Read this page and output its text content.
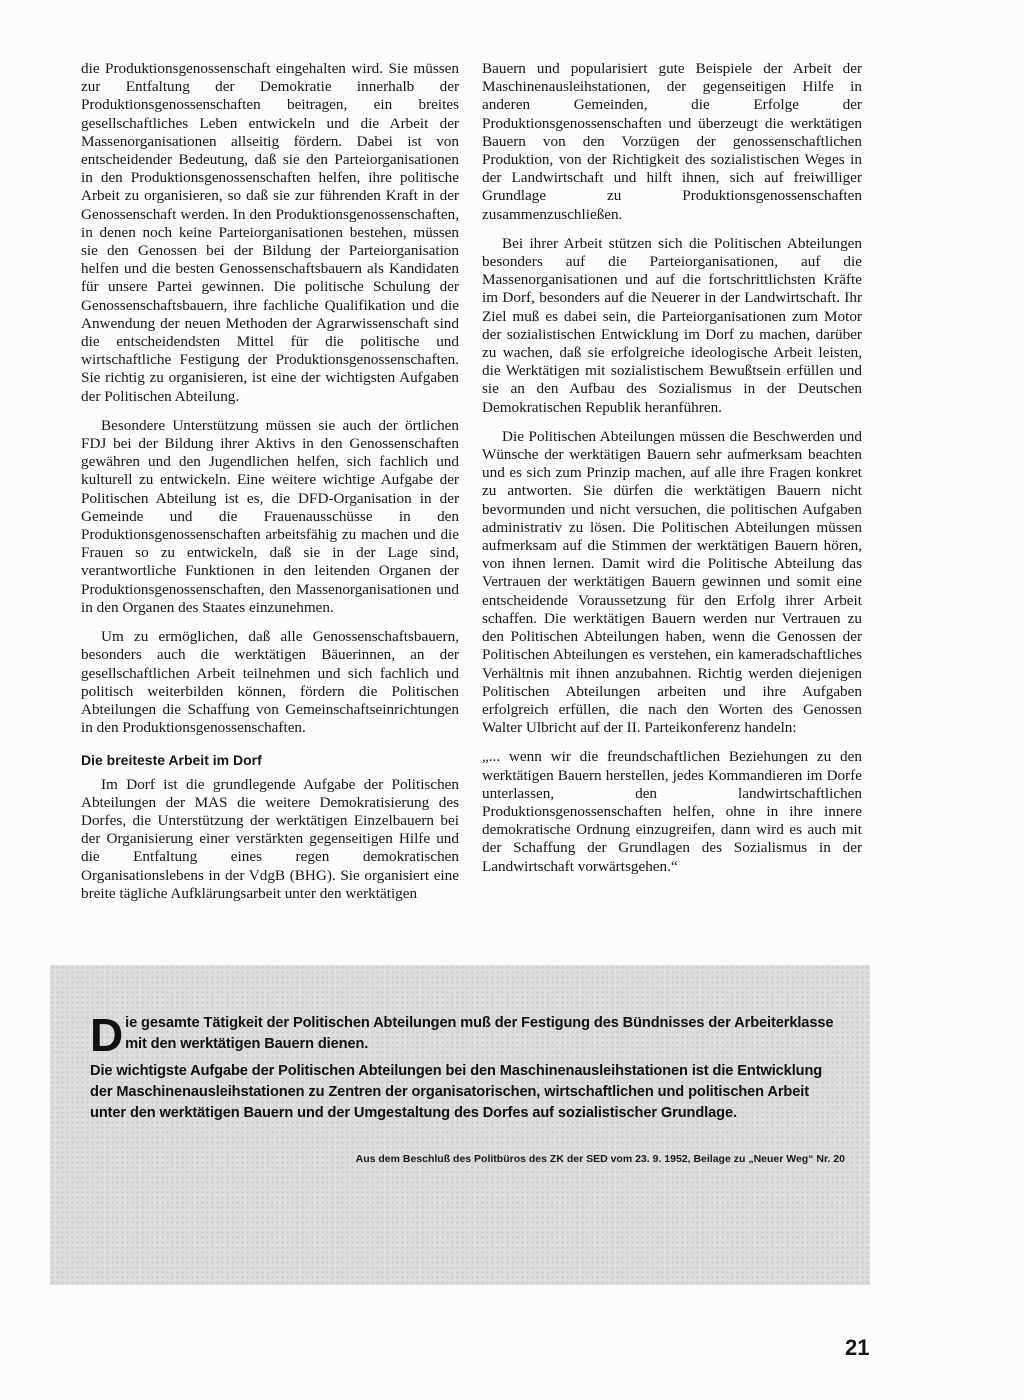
die Produktionsgenossenschaft eingehalten wird. Sie müssen zur Entfaltung der Demokratie innerhalb der Produktionsgenossenschaften beitragen, ein breites gesellschaftliches Leben entwickeln und die Arbeit der Massenorganisationen allseitig fördern. Dabei ist von entscheidender Bedeutung, daß sie den Parteiorganisationen in den Produktionsgenossenschaften helfen, ihre politische Arbeit zu organisieren, so daß sie zur führenden Kraft in der Genossenschaft werden. In den Produktionsgenossenschaften, in denen noch keine Parteiorganisationen bestehen, müssen sie den Genossen bei der Bildung der Parteiorganisation helfen und die besten Genossenschaftsbauern als Kandidaten für unsere Partei gewinnen. Die politische Schulung der Genossenschaftsbauern, ihre fachliche Qualifikation und die Anwendung der neuen Methoden der Agrarwissenschaft sind die entscheidendsten Mittel für die politische und wirtschaftliche Festigung der Produktionsgenossenschaften. Sie richtig zu organisieren, ist eine der wichtigsten Aufgaben der Politischen Abteilung.

Besondere Unterstützung müssen sie auch der örtlichen FDJ bei der Bildung ihrer Aktivs in den Genossenschaften gewähren und den Jugendlichen helfen, sich fachlich und kulturell zu entwickeln. Eine weitere wichtige Aufgabe der Politischen Abteilung ist es, die DFD-Organisation in der Gemeinde und die Frauenausschüsse in den Produktionsgenossenschaften arbeitsfähig zu machen und die Frauen so zu entwickeln, daß sie in der Lage sind, verantwortliche Funktionen in den leitenden Organen der Produktionsgenossenschaften, den Massenorganisationen und in den Organen des Staates einzunehmen.

Um zu ermöglichen, daß alle Genossenschaftsbauern, besonders auch die werktätigen Bäuerinnen, an der gesellschaftlichen Arbeit teilnehmen und sich fachlich und politisch weiterbilden können, fördern die Politischen Abteilungen die Schaffung von Gemeinschaftseinrichtungen in den Produktionsgenossenschaften.

Die breiteste Arbeit im Dorf

Im Dorf ist die grundlegende Aufgabe der Politischen Abteilungen der MAS die weitere Demokratisierung des Dorfes, die Unterstützung der werktätigen Einzelbauern bei der Organisierung einer verstärkten gegenseitigen Hilfe und die Entfaltung eines regen demokratischen Organisationslebens in der VdgB (BHG). Sie organisiert eine breite tägliche Aufklärungsarbeit unter den werktätigen

Bauern und popularisiert gute Beispiele der Arbeit der Maschinenausleihstationen, der gegenseitigen Hilfe in anderen Gemeinden, die Erfolge der Produktionsgenossenschaften und überzeugt die werktätigen Bauern von den Vorzügen der genossenschaftlichen Produktion, von der Richtigkeit des sozialistischen Weges in der Landwirtschaft und hilft ihnen, sich auf freiwilliger Grundlage zu Produktionsgenossenschaften zusammenzuschließen.

Bei ihrer Arbeit stützen sich die Politischen Abteilungen besonders auf die Parteiorganisationen, auf die Massenorganisationen und auf die fortschrittlichsten Kräfte im Dorf, besonders auf die Neuerer in der Landwirtschaft. Ihr Ziel muß es dabei sein, die Parteiorganisationen zum Motor der sozialistischen Entwicklung im Dorf zu machen, darüber zu wachen, daß sie erfolgreiche ideologische Arbeit leisten, die Werktätigen mit sozialistischem Bewußtsein erfüllen und sie an den Aufbau des Sozialismus in der Deutschen Demokratischen Republik heranführen.

Die Politischen Abteilungen müssen die Beschwerden und Wünsche der werktätigen Bauern sehr aufmerksam beachten und es sich zum Prinzip machen, auf alle ihre Fragen konkret zu antworten. Sie dürfen die werktätigen Bauern nicht bevormunden und nicht versuchen, die politischen Aufgaben administrativ zu lösen. Die Politischen Abteilungen müssen aufmerksam auf die Stimmen der werktätigen Bauern hören, von ihnen lernen. Damit wird die Politische Abteilung das Vertrauen der werktätigen Bauern gewinnen und somit eine entscheidende Voraussetzung für den Erfolg ihrer Arbeit schaffen. Die werktätigen Bauern werden nur Vertrauen zu den Politischen Abteilungen haben, wenn die Genossen der Politischen Abteilungen es verstehen, ein kameradschaftliches Verhältnis mit ihnen anzubahnen. Richtig werden diejenigen Politischen Abteilungen arbeiten und ihre Aufgaben erfolgreich erfüllen, die nach den Worten des Genossen Walter Ulbricht auf der II. Parteikonferenz handeln:

„... wenn wir die freundschaftlichen Beziehungen zu den werktätigen Bauern herstellen, jedes Kommandieren im Dorfe unterlassen, den landwirtschaftlichen Produktionsgenossenschaften helfen, ohne in ihre innere demokratische Ordnung einzugreifen, dann wird es auch mit der Schaffung der Grundlagen des Sozialismus in der Landwirtschaft vorwärtsgehen.“

Die gesamte Tätigkeit der Politischen Abteilungen muß der Festigung des Bündnisses der Arbeiterklasse mit den werktätigen Bauern dienen.

Die wichtigste Aufgabe der Politischen Abteilungen bei den Maschinenausleihstationen ist die Entwicklung der Maschinenausleihstationen zu Zentren der organisatorischen, wirtschaftlichen und politischen Arbeit unter den werktätigen Bauern und der Umgestaltung des Dorfes auf sozialistischer Grundlage.

Aus dem Beschluß des Politbüros des ZK der SED vom 23. 9. 1952, Beilage zu „Neuer Weg“ Nr. 20
21
